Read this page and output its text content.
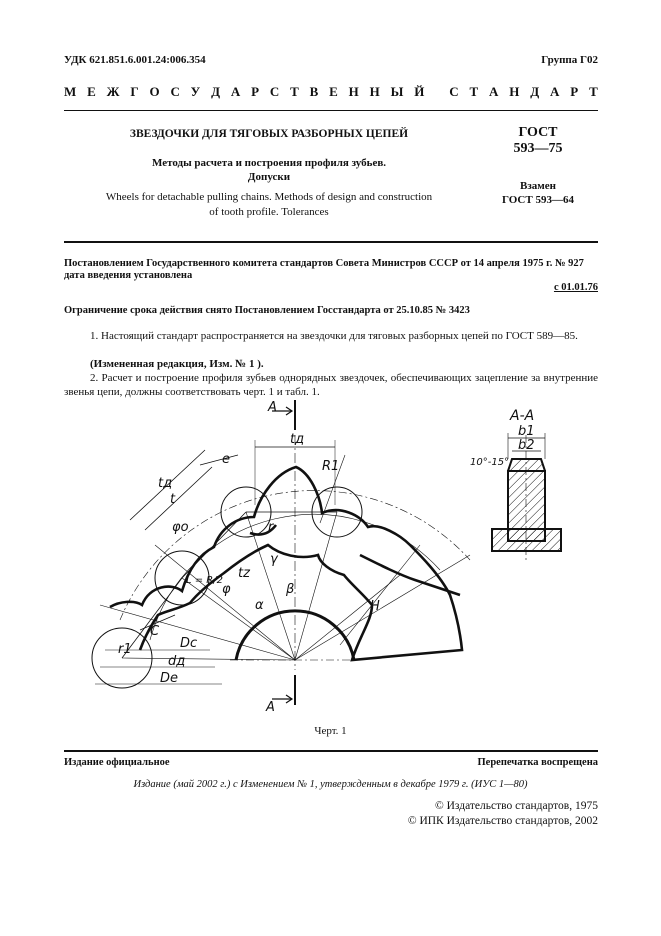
УДК 621.851.6.001.24:006.354	Группа Г02
М Е Ж Г О С У Д А Р С Т В Е Н Н Ы Й
С Т А Н Д А Р Т
ЗВЕЗДОЧКИ ДЛЯ ТЯГОВЫХ РАЗБОРНЫХ ЦЕПЕЙ
Методы расчета и построения профиля зубьев.
Допуски
Wheels for detachable pulling chains. Methods of design and construction
of tooth profile. Tolerances
ГОСТ
593—75
Взамен
ГОСТ 593—64
Постановлением Государственного комитета стандартов Совета Министров СССР от 14 апреля 1975 г. № 927
дата введения установлена
с 01.01.76
Ограничение срока действия снято Постановлением Госстандарта от 25.10.85 № 3423
1. Настоящий стандарт распространяется на звездочки для тяговых разборных цепей по ГОСТ 589—85.
(Измененная редакция, Изм. № 1 ).
2. Расчет и построение профиля зубьев однорядных звездочек, обеспечивающих зацепление за внутренние звенья цепи, должны соответствовать черт. 1 и табл. 1.
А
А
А-А
10°-15°
b1
b2
tд
tд
t
e	R1
φо	r
L = R/2
γ
tz
φ
α
β
H
C
Dc
dд
De
r1
Черт. 1
Издание официальное	Перепечатка воспрещена
Издание (май 2002 г.) с Изменением № 1, утвержденным в декабре 1979 г. (ИУС 1—80)
© Издательство стандартов, 1975
© ИПК Издательство стандартов, 2002
